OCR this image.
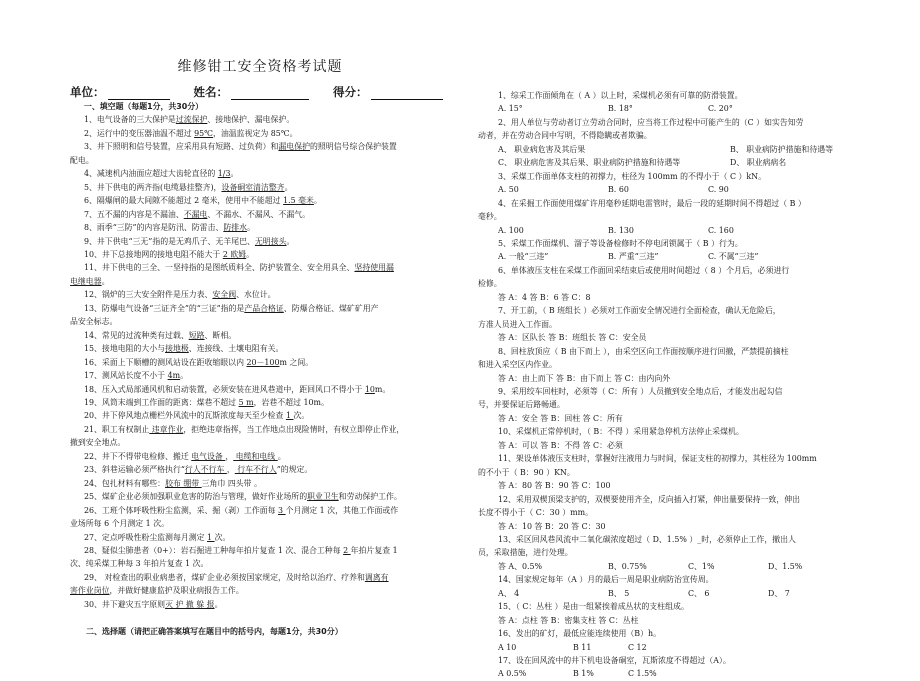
维修钳工安全资格考试题
单位：	姓名：	得分：
一、填空题（每题1分，共30分）
1、电气设备的三大保护是过流保护、接地保护、漏电保护。
2、运行中的变压器油温不超过 95℃，油温监视定为 85℃。
3、井下照明和信号装置，应采用具有短路、过负荷）和漏电保护的照明信号综合保护装置
配电。
4、减速机内油面应超过大齿轮直径的 1/3。
5、井下供电的两齐指(电缆悬挂整齐)，设备硐室清洁整齐。
6、隔爆闸的最大间隙不能超过 2 毫米，使用中不能超过 1.5 毫米。
7、五不漏的内容是不漏油、不漏电、不漏水、不漏风、不漏气。
8、雨季“三防”的内容是防汛、防雷击、防排水。
9、井下供电“三无”指的是无鸡爪子、无羊尾巴、无明接头。
10、井下总接地网的接地电阻不能大于 2 欧姆。
11、井下供电的三全、一坚持指的是图纸质料全、防护装置全、安全用具全、坚持使用漏
电继电器。
12、锅炉的三大安全附件是压力表、安全阀、水位计。
13、防爆电气设备“三证齐全”的“三证”指的是产品合格证、防爆合格证、煤矿矿用产
品安全标志。
14、常见的过流种类有过载、短路、断相。
15、接地电阻的大小与接地极、连接线、土壤电阻有关。
16、采面上下顺槽的测风站设在距收缩眼以内 20－100m 之间。
17、测风站长度不小于 4m。
18、压入式局部通风机和启动装置，必须安装在进风巷道中，距回风口不得小于 10m。
19、风筒末端到工作面的距离：煤巷不超过 5 m，岩巷不超过 10m。
20、井下停风地点栅栏外风流中的瓦斯浓度每天至少检查 1 次。
21、职工有权制止 违章作业，拒绝违章指挥，当工作地点出现险情时，有权立即停止作业，
撤到安全地点。
22、井下不得带电检修、搬迁 电气设备 ， 电缆和电线 。
23、斜巷运输必须严格执行“行人不行车 ， 行车不行人”的规定。
24、包扎材料有哪些：胶布 绷带 三角巾 四头带 。
25、煤矿企业必须加强职业危害的防治与管理，做好作业场所的职业卫生和劳动保护工作。
26、工班个体呼吸性粉尘监测，采、掘（剥）工作面每 3 个月测定 1 次，其他工作面或作
业场所每 6 个月测定 1 次。
27、定点呼吸性粉尘监测每月测定 1 次。
28、疑似尘肺患者（0+）：岩石掘进工种每年拍片复查 1 次、混合工种每 2 年拍片复查 1
次、纯采煤工种每 3 年拍片复查 1 次。
29、 对检查出的职业病患者，煤矿企业必须按国家规定，及时给以治疗、疗养和调离有
害作业岗位，并做好健康监护及职业病报告工作。
30、井下避灾五字原则灭 护 撤 躲 报。
二、选择题（请把正确答案填写在题目中的括号内，每题1分，共30分）
1、综采工作面倾角在（ A ）以上时，采煤机必须有可靠的防滑装置。
A. 15°	B. 18°	C. 20°
2、用人单位与劳动者订立劳动合同时，应当将工作过程中可能产生的（C ）如实告知劳
动者，并在劳动合同中写明，不得隐瞒或者欺骗。
A、 职业病危害及其后果	B、 职业病防护措施和待遇等
C、 职业病危害及其后果、职业病防护措施和待遇等	D、 职业病病名
3、采煤工作面单体支柱的初撑力，柱径为 100mm 的不得小于（ C ）kN。
A. 50	B. 60	C. 90
4、在采掘工作面使用煤矿许用毫秒延期电雷管时，最后一段的延期时间不得超过（ B ）
毫秒。
A. 100	B. 130	C. 160
5、采煤工作面煤机、溜子等设备检修时不停电闭锁属于（ B ）行为。
A. 一般“三违”	B. 严重“三违”	C. 不属“三违”
6、单体液压支柱在采煤工作面回采结束后或使用时间超过（ 8 ）个月后，必须进行
检修。
答 A：4 答 B：6 答 C：8
7、开工前，（ B 班组长 ）必须对工作面安全情况进行全面检查，确认无危险后，
方准人员进入工作面。
答 A：区队长 答 B：班组长 答 C：安全员
8、回柱放顶应（ B 由下而上 ），由采空区向工作面按顺序进行回撤，严禁提前摘柱
和进入采空区内作业。
答 A：由上而下 答 B：由下而上 答 C：由内向外
9、采用绞车回柱时，必须等（ C：所有 ）人员撤到安全地点后，才能发出起勾信
号，并要保证后路畅通。
答 A：安全 答 B：回柱 答 C：所有
10、采煤机正常停机时，（ B：不得 ）采用紧急停机方法停止采煤机。
答 A：可以 答 B：不得 答 C：必须
11、架设单体液压支柱时，掌握好注液用力与时间，保证支柱的初撑力，其柱径为 100mm
的不小于（ B：90 ）KN。
答 A：80 答 B：90 答 C：100
12、采用双楔顶梁支护的，双楔要使用齐全，反向插入打紧，伸出量要保持一致，伸出
长度不得小于（ C：30 ）mm。
答 A：10 答 B：20 答 C：30
13、采区回风巷风流中二氧化碳浓度超过（ D、1.5% ）_时，必须停止工作，撤出人
员，采取措施，进行处理。
答 A、0.5%	B、0.75%	C、1%	D、1.5%
14、国家规定每年（A ）月的最后一周是职业病防治宣传周。
A、 4	B、 5	C、 6	D、 7
15、（ C：丛柱 ）是由一组紧挨着成丛状的支柱组成。
答 A：点柱 答 B：密集支柱 答 C：丛柱
16、发出的矿灯，最低应能连续使用（B）h。
A 10	B 11	C 12
17、设在回风流中的井下机电设备硐室，瓦斯浓度不得超过（A）。
A 0.5%	B 1%	C 1.5%
